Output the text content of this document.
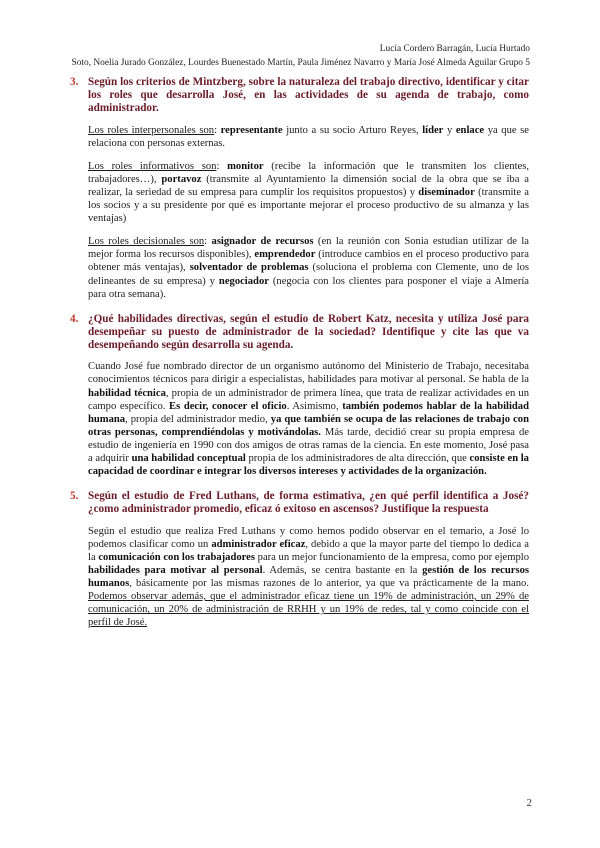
Lucía Cordero Barragán, Lucía Hurtado
Soto, Noelia Jurado González, Lourdes Buenestado Martín, Paula Jiménez Navarro y María José Almeda Aguilar Grupo 5
3. Según los criterios de Mintzberg, sobre la naturaleza del trabajo directivo, identificar y citar los roles que desarrolla José, en las actividades de su agenda de trabajo, como administrador.

Los roles interpersonales son: representante junto a su socio Arturo Reyes, líder y enlace ya que se relaciona con personas externas.

Los roles informativos son: monitor (recibe la información que le transmiten los clientes, trabajadores…), portavoz (transmite al Ayuntamiento la dimensión social de la obra que se iba a realizar, la seriedad de su empresa para cumplir los requisitos propuestos) y diseminador (transmite a los socios y a su presidente por qué es importante mejorar el proceso productivo de su almanza y las ventajas)

Los roles decisionales son: asignador de recursos (en la reunión con Sonia estudian utilizar de la mejor forma los recursos disponibles), emprendedor (introduce cambios en el proceso productivo para obtener más ventajas), solventador de problemas (soluciona el problema con Clemente, uno de los delineantes de su empresa) y negociador (negocia con los clientes para posponer el viaje a Almería para otra semana).

4. ¿Qué habilidades directivas, según el estudio de Robert Katz, necesita y utiliza José para desempeñar su puesto de administrador de la sociedad? Identifique y cite las que va desempeñando según desarrolla su agenda.

Cuando José fue nombrado director de un organismo autónomo del Ministerio de Trabajo, necesitaba conocimientos técnicos para dirigir a especialistas, habilidades para motivar al personal. Se habla de la habilidad técnica, propia de un administrador de primera línea, que trata de realizar actividades en un campo específico. Es decir, conocer el oficio. Asimismo, también podemos hablar de la habilidad humana, propia del administrador medio, ya que también se ocupa de las relaciones de trabajo con otras personas, comprendiéndolas y motivándolas. Más tarde, decidió crear su propia empresa de estudio de ingeniería en 1990 con dos amigos de otras ramas de la ciencia. En este momento, José pasa a adquirir una habilidad conceptual propia de los administradores de alta dirección, que consiste en la capacidad de coordinar e integrar los diversos intereses y actividades de la organización.

5. Según el estudio de Fred Luthans, de forma estimativa, ¿en qué perfil identifica a José? ¿como administrador promedio, eficaz ó exitoso en ascensos? Justifique la respuesta

Según el estudio que realiza Fred Luthans y como hemos podido observar en el temario, a José lo podemos clasificar como un administrador eficaz, debido a que la mayor parte del tiempo lo dedica a la comunicación con los trabajadores para un mejor funcionamiento de la empresa, como por ejemplo habilidades para motivar al personal. Además, se centra bastante en la gestión de los recursos humanos, básicamente por las mismas razones de lo anterior, ya que va prácticamente de la mano. Podemos observar además, que el administrador eficaz tiene un 19% de administración, un 29% de comunicación, un 20% de administración de RRHH y un 19% de redes, tal y como coincide con el perfil de José.

2
